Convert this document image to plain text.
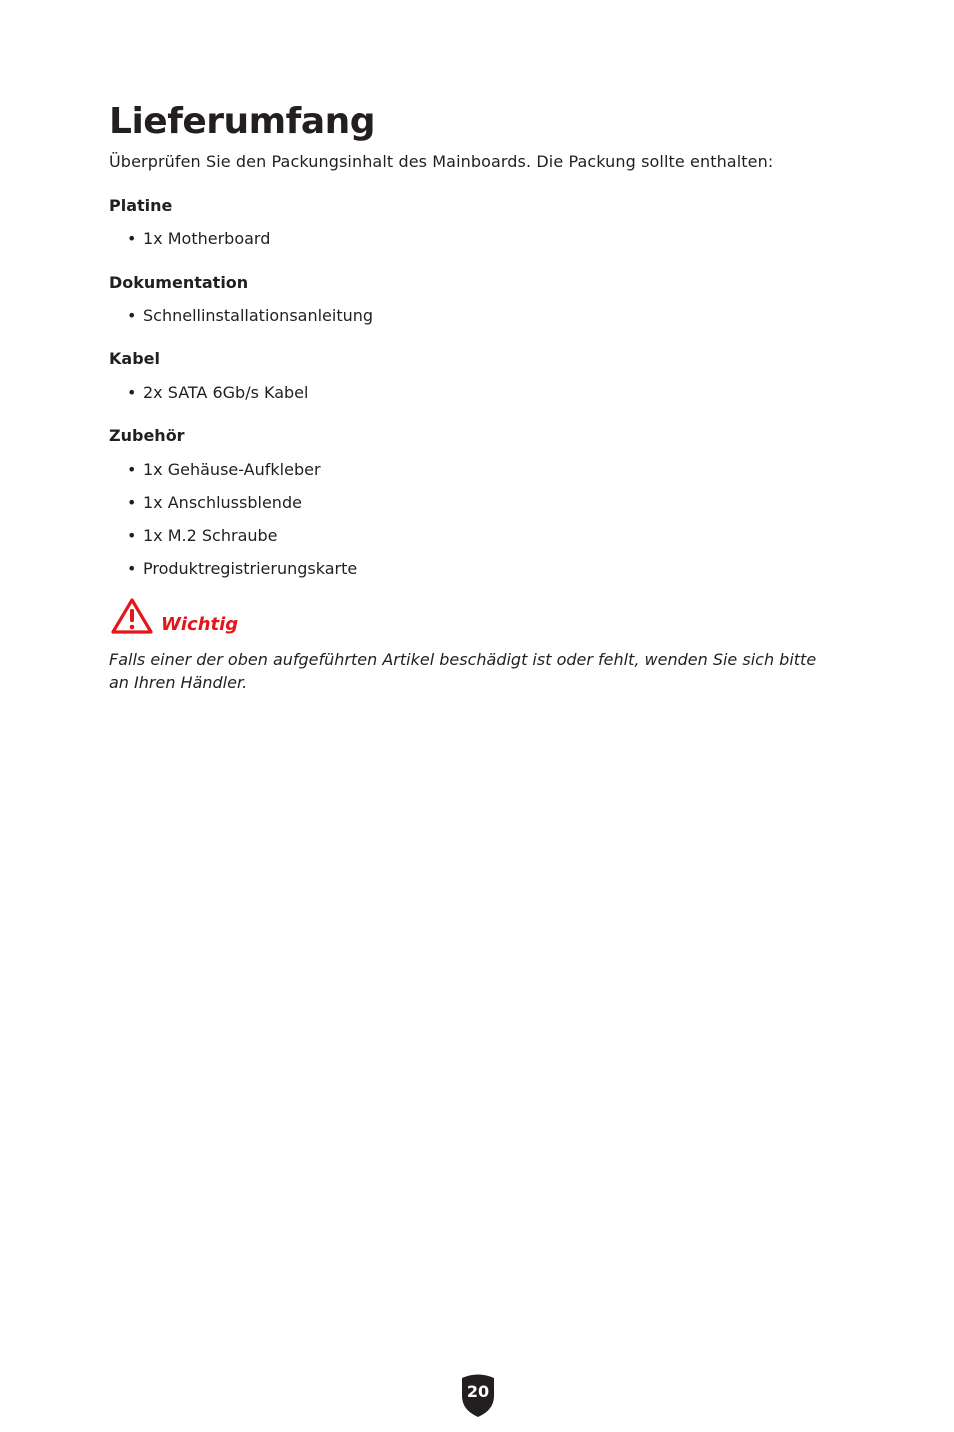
Lieferumfang

Überprüfen Sie den Packungsinhalt des Mainboards. Die Packung sollte enthalten:

Platine
• 1x Motherboard
Dokumentation
• Schnellinstallationsanleitung
Kabel
• 2x SATA 6Gb/s Kabel
Zubehör
• 1x Gehäuse-Aufkleber
• 1x Anschlussblende
• 1x M.2 Schraube
• Produktregistrierungskarte

Wichtig

Falls einer der oben aufgeführten Artikel beschädigt ist oder fehlt, wenden Sie sich bitte an Ihren Händler.

20
